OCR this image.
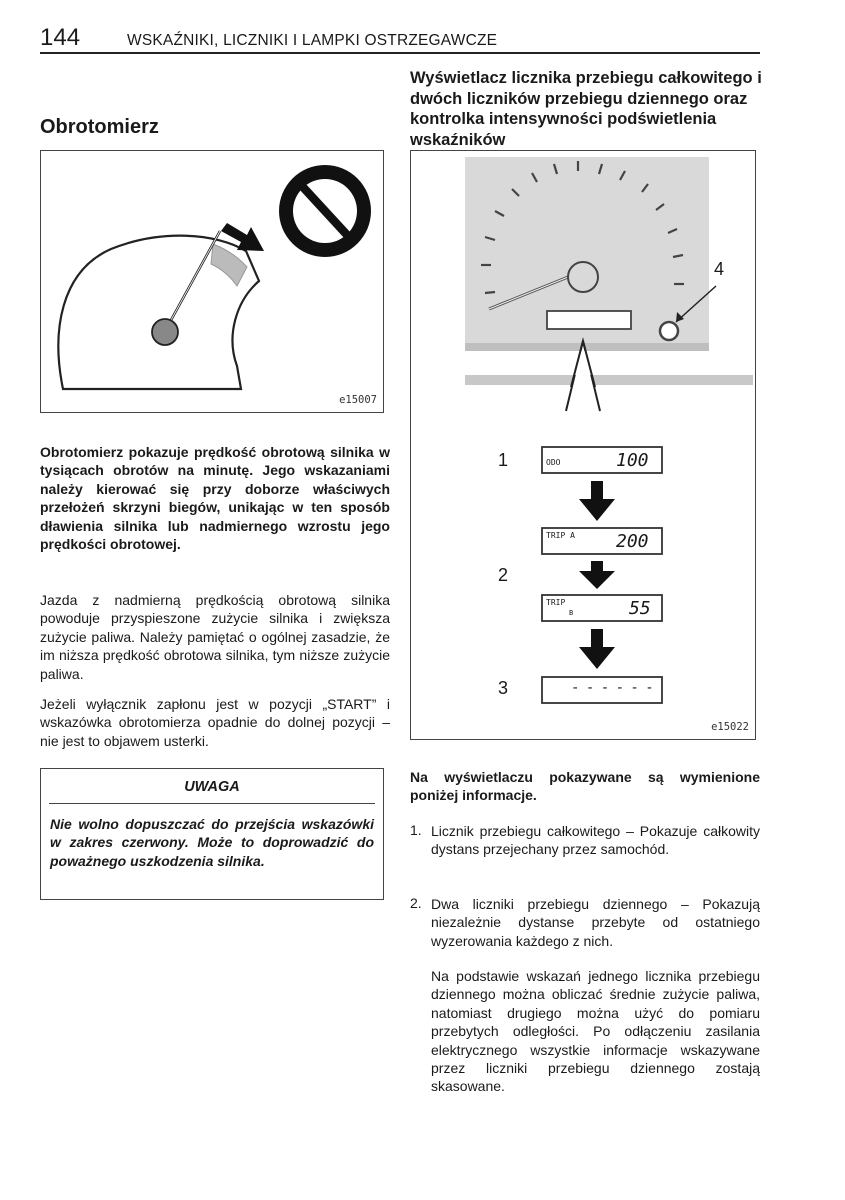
144	WSKAŹNIKI, LICZNIKI I LAMPKI OSTRZEGAWCZE
Obrotomierz
e15007
Obrotomierz pokazuje prędkość obrotową silnika w tysiącach obrotów na minutę. Jego wskazaniami należy kierować się przy doborze właściwych przełożeń skrzyni biegów, unikając w ten sposób dławienia silnika lub nadmiernego wzrostu jego prędkości obrotowej.
Jazda z nadmierną prędkością obrotową silnika powoduje przyspieszone zużycie silnika i zwiększa zużycie paliwa. Należy pamiętać o ogólnej zasadzie, że im niższa prędkość obrotowa silnika, tym niższe zużycie paliwa.
Jeżeli wyłącznik zapłonu jest w pozycji „START” i wskazówka obrotomierza opadnie do dolnej pozycji – nie jest to objawem usterki.
UWAGA
Nie wolno dopuszczać do przejścia wskazówki w zakres czerwony. Może to doprowadzić do poważnego uszkodzenia silnika.
Wyświetlacz licznika przebiegu całkowitego i dwóch liczników przebiegu dziennego oraz kontrolka intensywności podświetlenia wskaźników
4
1
2
3
ODO	100
TRIP A 200
TRIP
B	55
- - - - - -
e15022
Na wyświetlaczu pokazywane są wymienione poniżej informacje.
1. Licznik przebiegu całkowitego – Pokazuje całkowity dystans przejechany przez samochód.
2. Dwa liczniki przebiegu dziennego – Pokazują niezależnie dystanse przebyte od ostatniego wyzerowania każdego z nich.
Na podstawie wskazań jednego licznika przebiegu dziennego można obliczać średnie zużycie paliwa, natomiast drugiego można użyć do pomiaru przebytych odległości. Po odłączeniu zasilania elektrycznego wszystkie informacje wskazywane przez liczniki przebiegu dziennego zostają skasowane.
